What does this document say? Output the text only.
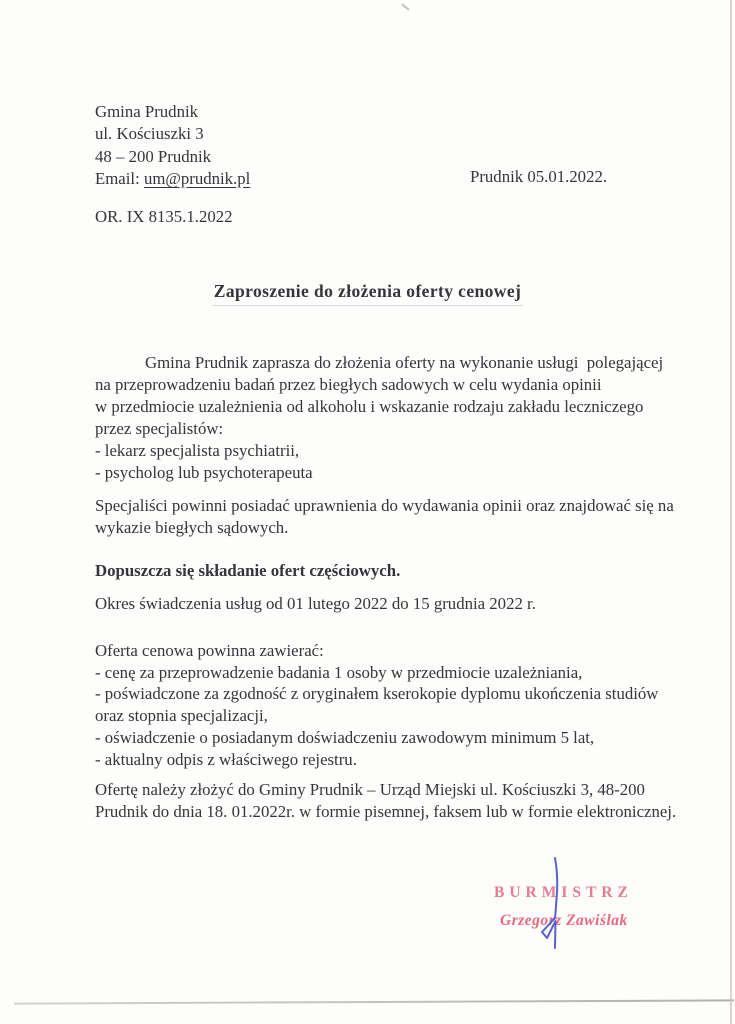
Gmina Prudnik
ul. Kościuszki 3
48 – 200 Prudnik
Email: um@prudnik.pl	Prudnik 05.01.2022.
OR. IX 8135.1.2022
Zaproszenie do złożenia oferty cenowej
Gmina Prudnik zaprasza do złożenia oferty na wykonanie usługi  polegającej
na przeprowadzeniu badań przez biegłych sadowych w celu wydania opinii
w przedmiocie uzależnienia od alkoholu i wskazanie rodzaju zakładu leczniczego
przez specjalistów:
- lekarz specjalista psychiatrii,
- psycholog lub psychoterapeuta
Specjaliści powinni posiadać uprawnienia do wydawania opinii oraz znajdować się na
wykazie biegłych sądowych.
Dopuszcza się składanie ofert częściowych.
Okres świadczenia usług od 01 lutego 2022 do 15 grudnia 2022 r.
Oferta cenowa powinna zawierać:
- cenę za przeprowadzenie badania 1 osoby w przedmiocie uzależniania,
- poświadczone za zgodność z oryginałem kserokopie dyplomu ukończenia studiów
oraz stopnia specjalizacji,
- oświadczenie o posiadanym doświadczeniu zawodowym minimum 5 lat,
- aktualny odpis z właściwego rejestru.
Ofertę należy złożyć do Gminy Prudnik – Urząd Miejski ul. Kościuszki 3, 48-200
Prudnik do dnia 18. 01.2022r. w formie pisemnej, faksem lub w formie elektronicznej.
BURMISTRZ
Grzegorz Zawiślak
